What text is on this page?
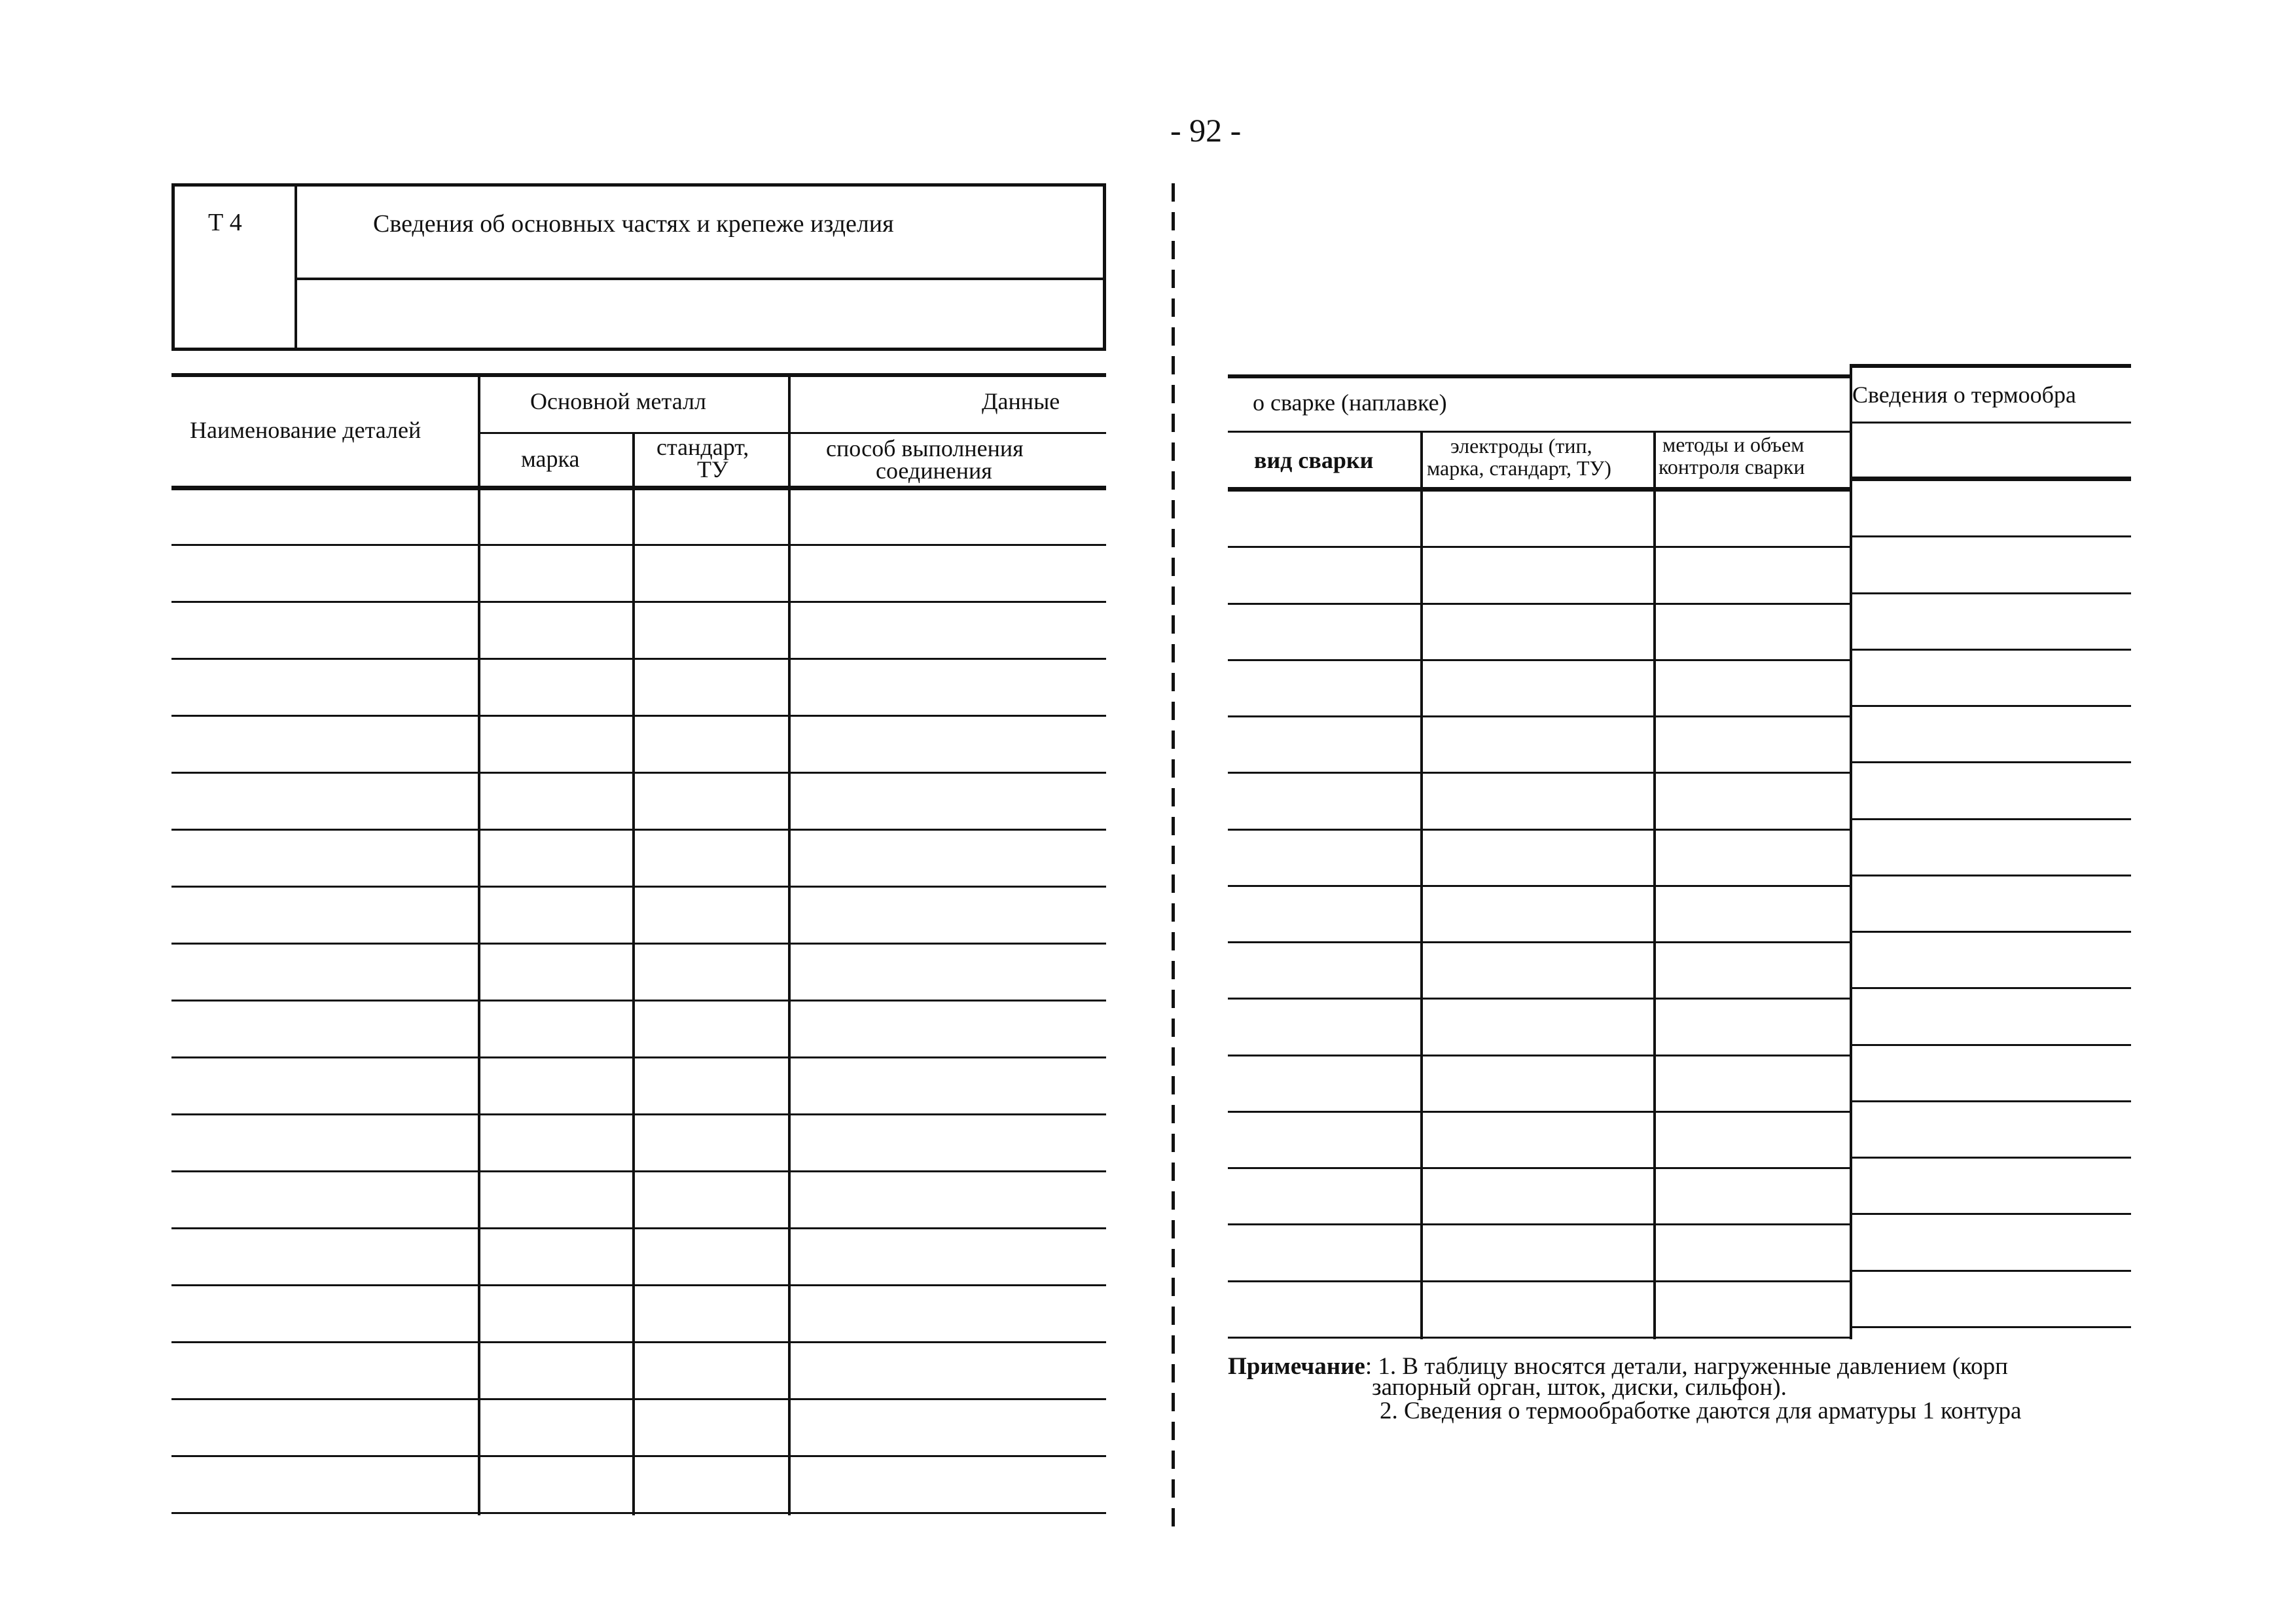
- 92 -
Т 4	Сведения об основных частях и крепеже изделия
Наименование деталей
Основной металл
марка	стандарт,
ТУ
Данные
способ выполнения
соединения
о сварке (наплавке)
вид сварки
электроды (тип,
марка, стандарт, ТУ)
методы и объем
контроля сварки
Сведения о термообра
Примечание: 1. В таблицу вносятся детали, нагруженные давлением (корп
запорный орган, шток, диски, сильфон).
2. Сведения о термообработке даются для арматуры 1 контура
